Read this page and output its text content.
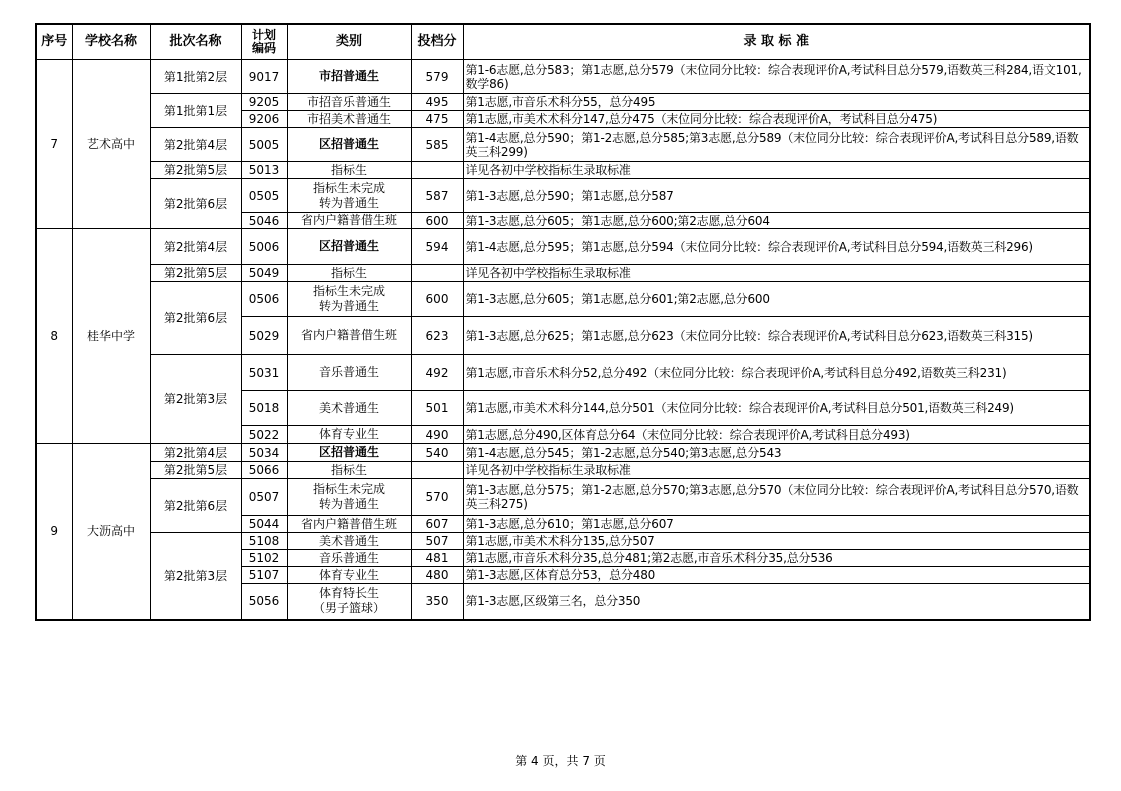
序号	学校名称	批次名称	计划
编码	类别	投档分	录 取 标 准
7	艺术高中	第1批第2层	9017	市招普通生	579	第1-6志愿,总分583；第1志愿,总分579（末位同分比较：综合表现评价A,考试科目总分579,语数英三科284,语文101,数学86)
		第1批第1层	9205	市招音乐普通生	495	第1志愿,市音乐术科分55，总分495
			9206	市招美术普通生	475	第1志愿,市美术术科分147,总分475（末位同分比较：综合表现评价A，考试科目总分475)
		第2批第4层	5005	区招普通生	585	第1-4志愿,总分590；第1-2志愿,总分585;第3志愿,总分589（末位同分比较：综合表现评价A,考试科目总分589,语数英三科299)
		第2批第5层	5013	指标生		详见各初中学校指标生录取标准
		第2批第6层	0505	指标生未完成
转为普通生	587	第1-3志愿,总分590；第1志愿,总分587
			5046	省内户籍普借生班	600	第1-3志愿,总分605；第1志愿,总分600;第2志愿,总分604
8	桂华中学	第2批第4层	5006	区招普通生	594	第1-4志愿,总分595；第1志愿,总分594（末位同分比较：综合表现评价A,考试科目总分594,语数英三科296)
		第2批第5层	5049	指标生		详见各初中学校指标生录取标准
		第2批第6层	0506	指标生未完成
转为普通生	600	第1-3志愿,总分605；第1志愿,总分601;第2志愿,总分600
			5029	省内户籍普借生班	623	第1-3志愿,总分625；第1志愿,总分623（末位同分比较：综合表现评价A,考试科目总分623,语数英三科315)
		第2批第3层	5031	音乐普通生	492	第1志愿,市音乐术科分52,总分492（末位同分比较：综合表现评价A,考试科目总分492,语数英三科231)
			5018	美术普通生	501	第1志愿,市美术术科分144,总分501（末位同分比较：综合表现评价A,考试科目总分501,语数英三科249)
			5022	体育专业生	490	第1志愿,总分490,区体育总分64（末位同分比较：综合表现评价A,考试科目总分493)
9	大沥高中	第2批第4层	5034	区招普通生	540	第1-4志愿,总分545；第1-2志愿,总分540;第3志愿,总分543
		第2批第5层	5066	指标生		详见各初中学校指标生录取标准
		第2批第6层	0507	指标生未完成
转为普通生	570	第1-3志愿,总分575；第1-2志愿,总分570;第3志愿,总分570（末位同分比较：综合表现评价A,考试科目总分570,语数英三科275)
			5044	省内户籍普借生班	607	第1-3志愿,总分610；第1志愿,总分607
		第2批第3层	5108	美术普通生	507	第1志愿,市美术术科分135,总分507
			5102	音乐普通生	481	第1志愿,市音乐术科分35,总分481;第2志愿,市音乐术科分35,总分536
			5107	体育专业生	480	第1-3志愿,区体育总分53，总分480
			5056	体育特长生
（男子篮球）	350	第1-3志愿,区级第三名，总分350
第 4 页，共 7 页
